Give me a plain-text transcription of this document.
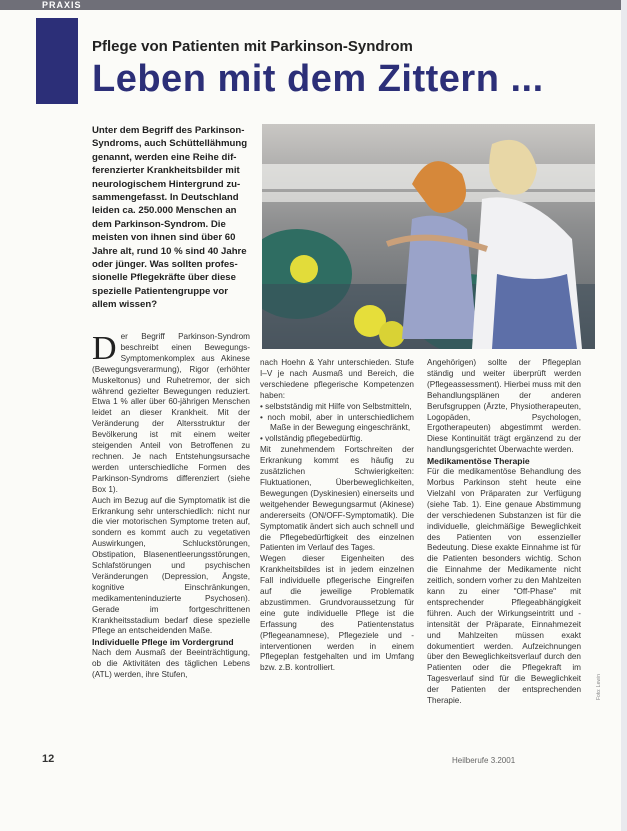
PRAXIS
Pflege von Patienten mit Parkinson-Syndrom
Leben mit dem Zittern ...
Unter dem Begriff des Parkinson-Syndroms, auch Schüttellähmung genannt, werden eine Reihe dif-ferenzierter Krankheitsbilder mit neurologischem Hintergrund zu-sammengefasst. In Deutschland leiden ca. 250.000 Menschen an dem Parkinson-Syndrom. Die meisten von ihnen sind über 60 Jahre alt, rund 10 % sind 40 Jahre oder jünger. Was sollten profes-sionelle Pflegekräfte über diese spezielle Patientengruppe vor allem wissen?

Der Begriff Parkinson-Syndrom beschreibt einen Bewegungs-Symptomenkomplex aus Akinese (Bewegungsverarmung), Rigor (erhöhter Muskeltonus) und Ruhetremor, der sich während gezielter Bewegungen reduziert. Etwa 1 % aller über 60-jährigen Menschen leidet an dieser Krankheit. Mit der Veränderung der Altersstruktur der Bevölkerung ist mit einem weiter steigenden Anteil von Betroffenen zu rechnen. Je nach Entstehungsursache werden unterschiedliche Formen des Parkinson-Syndroms differenziert (siehe Box 1).

Auch im Bezug auf die Symptomatik ist die Erkrankung sehr unterschiedlich: nicht nur die vier motorischen Symptome treten auf, sondern es kommt auch zu vegetativen Auswirkungen, Schluckstörungen, Obstipation, Blasenentleerungsstörungen, Schlafstörungen und psychischen Veränderungen (Depression, Ängste, kognitive Einschränkungen, medikamenteninduzierte Psychosen). Gerade im fortgeschrittenen Krankheitsstadium bedarf diese spezielle Pflege an entscheidenden Maße.

Individuelle Pflege im Vordergrund

Nach dem Ausmaß der Beeinträchtigung, ob die Aktivitäten des täglichen Lebens (ATL) werden, ihre Stufen,

nach Hoehn & Yahr unterschieden. Stufe I–V je nach Ausmaß und Bereich, die verschiedene pflegerische Kompetenzen haben:

• selbstständig mit Hilfe von Selbstmitteln,

• noch mobil, aber in unterschiedlichem Maße in der Bewegung eingeschränkt,

• vollständig pflegebedürftig.

Mit zunehmendem Fortschreiten der Erkrankung kommt es häufig zu zusätzlichen Schwierigkeiten: Fluktuationen, Überbeweglichkeiten, Bewegungen (Dyskinesien) einerseits und weitgehender Bewegungsarmut (Akinese) andererseits (ON/OFF-Symptomatik). Die Symptomatik ändert sich auch schnell und die Pflegebedürftigkeit des einzelnen Patienten im Verlauf des Tages.

Wegen dieser Eigenheiten des Krankheitsbildes ist in jedem einzelnen Fall individuelle pflegerische Eingreifen auf die jeweilige Problematik abzustimmen. Grundvoraussetzung für eine gute individuelle Pflege ist die Erfassung des Patientenstatus (Pflegeanamnese), Pflegeziele und -interventionen werden in einem Pflegeplan festgehalten und im Umfang bzw. z.B. kontrolliert.

Angehörigen) sollte der Pflegeplan ständig und weiter überprüft werden (Pflegeassessment). Hierbei muss mit den Behandlungsplänen der anderen Berufsgruppen (Ärzte, Physiotherapeuten, Logopäden, Psychologen, Ergotherapeuten) abgestimmt werden. Diese Kontinuität trägt ergänzend zu der handlungsgerichtet Überwachte werden.

Medikamentöse Therapie

Für die medikamentöse Behandlung des Morbus Parkinson steht heute eine Vielzahl von Präparaten zur Verfügung (siehe Tab. 1). Eine genaue Abstimmung der verschiedenen Substanzen ist für die individuelle, gleichmäßige Beweglichkeit des Patienten von essenzieller Bedeutung. Diese exakte Einnahme ist für die Patienten besonders wichtig. Schon die Einnahme der Medikamente nicht zeitlich, sondern vorher zu den Mahlzeiten kann zu einer "Off-Phase" mit entsprechender Pflegeabhängigkeit führen. Auch der Wirkungseintritt und -intensität der Präparate, Einnahmezeit und Mahlzeiten müssen exakt dokumentiert werden. Aufzeichnungen über den Beweglichkeitsverlauf durch den Patienten oder die Pflegekraft im Tagesverlauf sind für die Beweglichkeit der Patienten der entsprechenden Therapie.

12	Heilberufe 3.2001
Foto: Lewin
